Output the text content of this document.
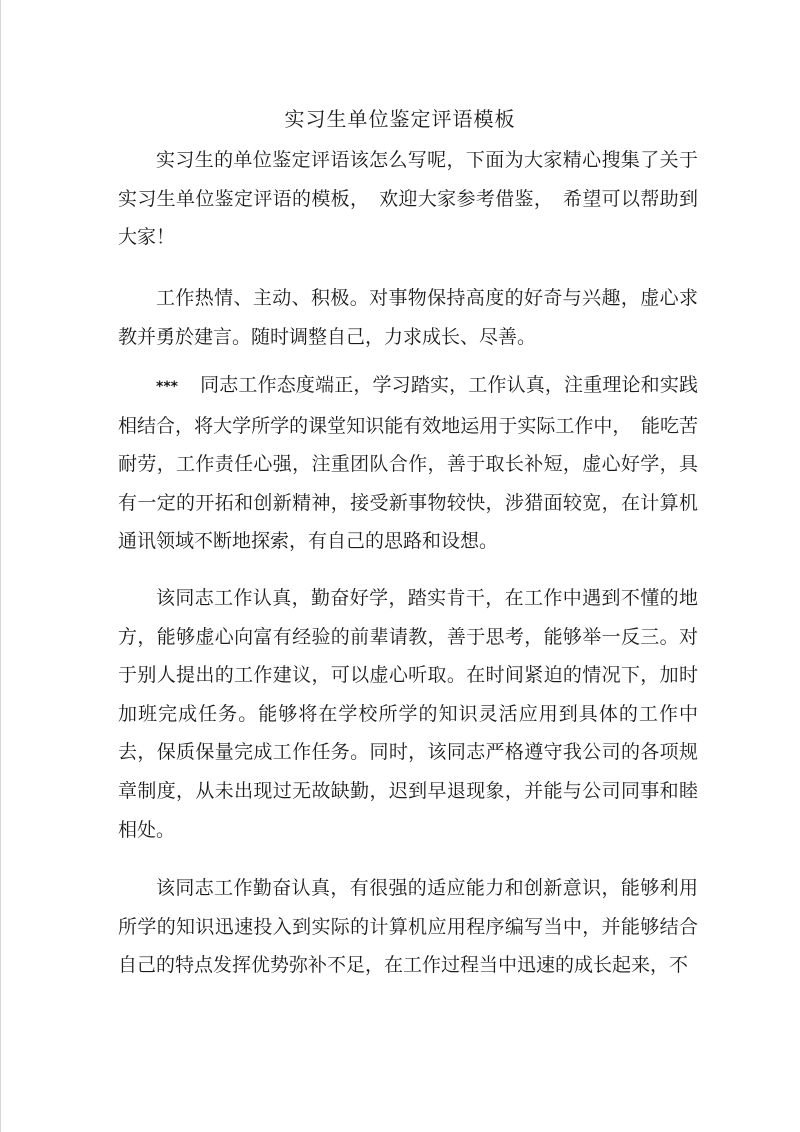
实习生单位鉴定评语模板

实习生的单位鉴定评语该怎么写呢，下面为大家精心搜集了关于实习生单位鉴定评语的模板，　欢迎大家参考借鉴，　希望可以帮助到大家！

工作热情、主动、积极。对事物保持高度的好奇与兴趣，虚心求教并勇於建言。随时调整自己，力求成长、尽善。

*** 同志工作态度端正，学习踏实，工作认真，注重理论和实践相结合，将大学所学的课堂知识能有效地运用于实际工作中，　能吃苦耐劳，工作责任心强，注重团队合作，善于取长补短，虚心好学，具有一定的开拓和创新精神，接受新事物较快，涉猎面较宽，在计算机通讯领域不断地探索，有自己的思路和设想。

该同志工作认真，勤奋好学，踏实肯干，在工作中遇到不懂的地方，能够虚心向富有经验的前辈请教，善于思考，能够举一反三。对于别人提出的工作建议，可以虚心听取。在时间紧迫的情况下，加时加班完成任务。能够将在学校所学的知识灵活应用到具体的工作中去，保质保量完成工作任务。同时，该同志严格遵守我公司的各项规章制度，从未出现过无故缺勤，迟到早退现象，并能与公司同事和睦相处。

该同志工作勤奋认真，有很强的适应能力和创新意识，能够利用所学的知识迅速投入到实际的计算机应用程序编写当中，并能够结合自己的特点发挥优势弥补不足，在工作过程当中迅速的成长起来，不
